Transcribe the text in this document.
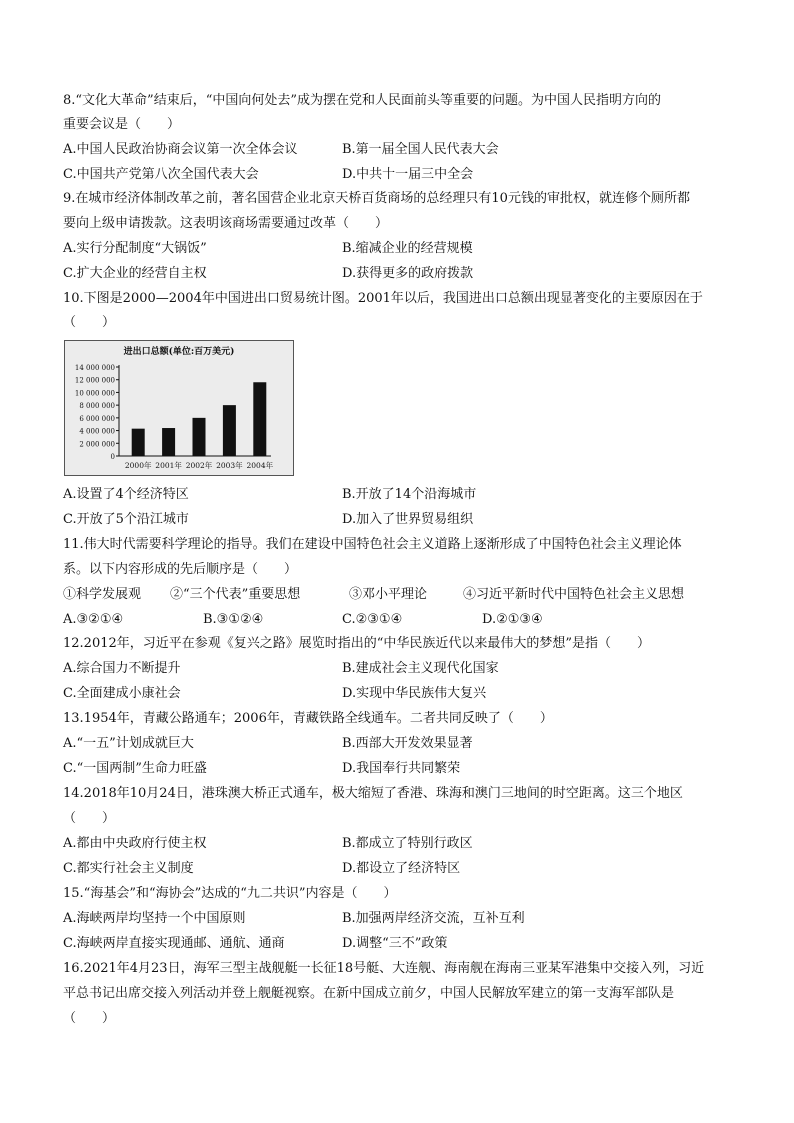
8.“文化大革命”结束后，“中国向何处去”成为摆在党和人民面前头等重要的问题。为中国人民指明方向的
重要会议是（　　）
A.中国人民政治协商会议第一次全体会议	B.第一届全国人民代表大会
C.中国共产党第八次全国代表大会	D.中共十一届三中全会
9.在城市经济体制改革之前，著名国营企业北京天桥百货商场的总经理只有10元钱的审批权，就连修个厕所都
要向上级申请拨款。这表明该商场需要通过改革（　　）
A.实行分配制度“大锅饭”	B.缩减企业的经营规模
C.扩大企业的经营自主权	D.获得更多的政府拨款
10.下图是2000—2004年中国进出口贸易统计图。2001年以后，我国进出口总额出现显著变化的主要原因在于
（　　）
进出口总额(单位:百万美元)
14 000 000
12 000 000
10 000 000
8 000 000
6 000 000
4 000 000
2 000 000
0
2000年 2001年 2002年 2003年 2004年
A.设置了4个经济特区	B.开放了14个沿海城市
C.开放了5个沿江城市	D.加入了世界贸易组织
11.伟大时代需要科学理论的指导。我们在建设中国特色社会主义道路上逐渐形成了中国特色社会主义理论体
系。以下内容形成的先后顺序是（　　）
①科学发展观 ②“三个代表”重要思想	③邓小平理论	④习近平新时代中国特色社会主义思想
A.③②①④	B.③①②④	C.②③①④	D.②①③④
12.2012年，习近平在参观《复兴之路》展览时指出的“中华民族近代以来最伟大的梦想”是指（　　）
A.综合国力不断提升	B.建成社会主义现代化国家
C.全面建成小康社会	D.实现中华民族伟大复兴
13.1954年，青藏公路通车；2006年，青藏铁路全线通车。二者共同反映了（　　）
A.“一五”计划成就巨大	B.西部大开发效果显著
C.“一国两制”生命力旺盛	D.我国奉行共同繁荣
14.2018年10月24日，港珠澳大桥正式通车，极大缩短了香港、珠海和澳门三地间的时空距离。这三个地区
（　　）
A.都由中央政府行使主权	B.都成立了特别行政区
C.都实行社会主义制度	D.都设立了经济特区
15.“海基会”和“海协会”达成的“九二共识”内容是（　　）
A.海峡两岸均坚持一个中国原则	B.加强两岸经济交流，互补互利
C.海峡两岸直接实现通邮、通航、通商	D.调整“三不”政策
16.2021年4月23日，海军三型主战舰艇一长征18号艇、大连舰、海南舰在海南三亚某军港集中交接入列，习近
平总书记出席交接入列活动并登上舰艇视察。在新中国成立前夕，中国人民解放军建立的第一支海军部队是
（　　）
